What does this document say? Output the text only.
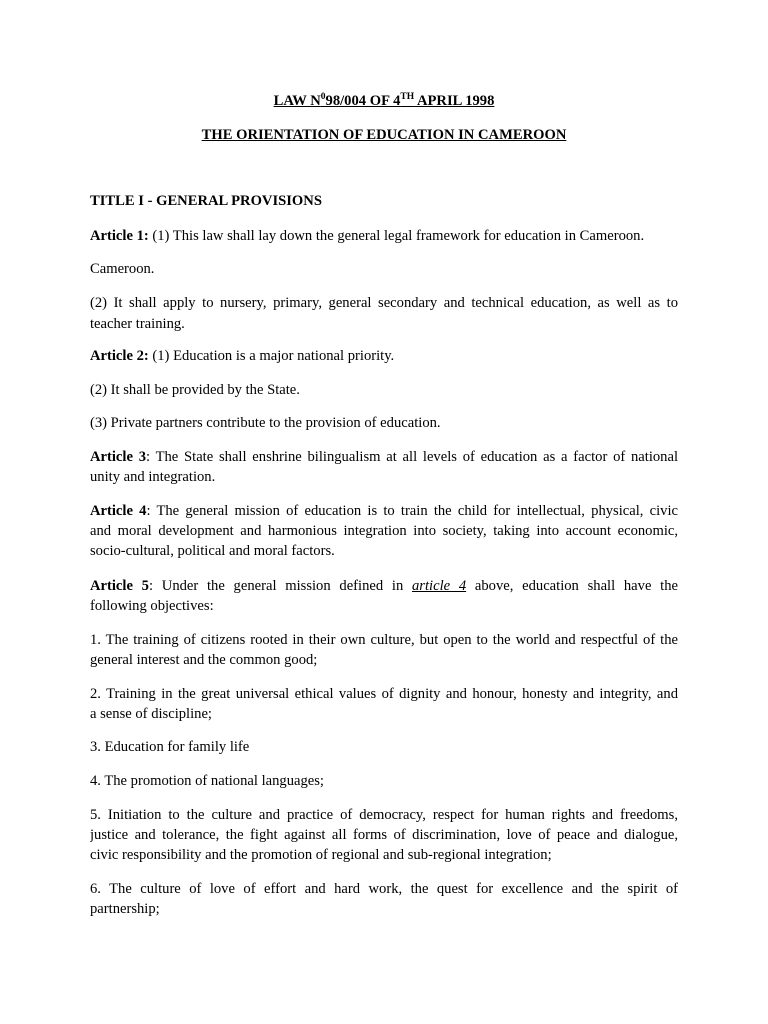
LAW $N^098/004$ OF 4TH APRIL 1998

THE ORIENTATION OF EDUCATION IN CAMEROON

TITLE I - GENERAL PROVISIONS

Article 1: (1) This law shall lay down the general legal framework for education in Cameroon.

Cameroon.

(2) It shall apply to nursery, primary, general secondary and technical education, as well as to

teacher training.

Article 2: (1) Education is a major national priority.

(2) It shall be provided by the State.

(3) Private partners contribute to the provision of education.

Article 3: The State shall enshrine bilingualism at all levels of education as a factor of national

unity and integration.

Article 4: The general mission of education is to train the child for intellectual, physical, civic

and moral development and harmonious integration into society, taking into account economic,

socio-cultural, political and moral factors.

Article 5: Under the general mission defined in article 4 above, education shall have the

following objectives:

1. The training of citizens rooted in their own culture, but open to the world and respectful of the

general interest and the common good;

2. Training in the great universal ethical values of dignity and honour, honesty and integrity, and

a sense of discipline;

3. Education for family life

4. The promotion of national languages;

5. Initiation to the culture and practice of democracy, respect for human rights and freedoms,

justice and tolerance, the fight against all forms of discrimination, love of peace and dialogue,

civic responsibility and the promotion of regional and sub-regional integration;

6. The culture of love of effort and hard work, the quest for excellence and the spirit of

partnership;
